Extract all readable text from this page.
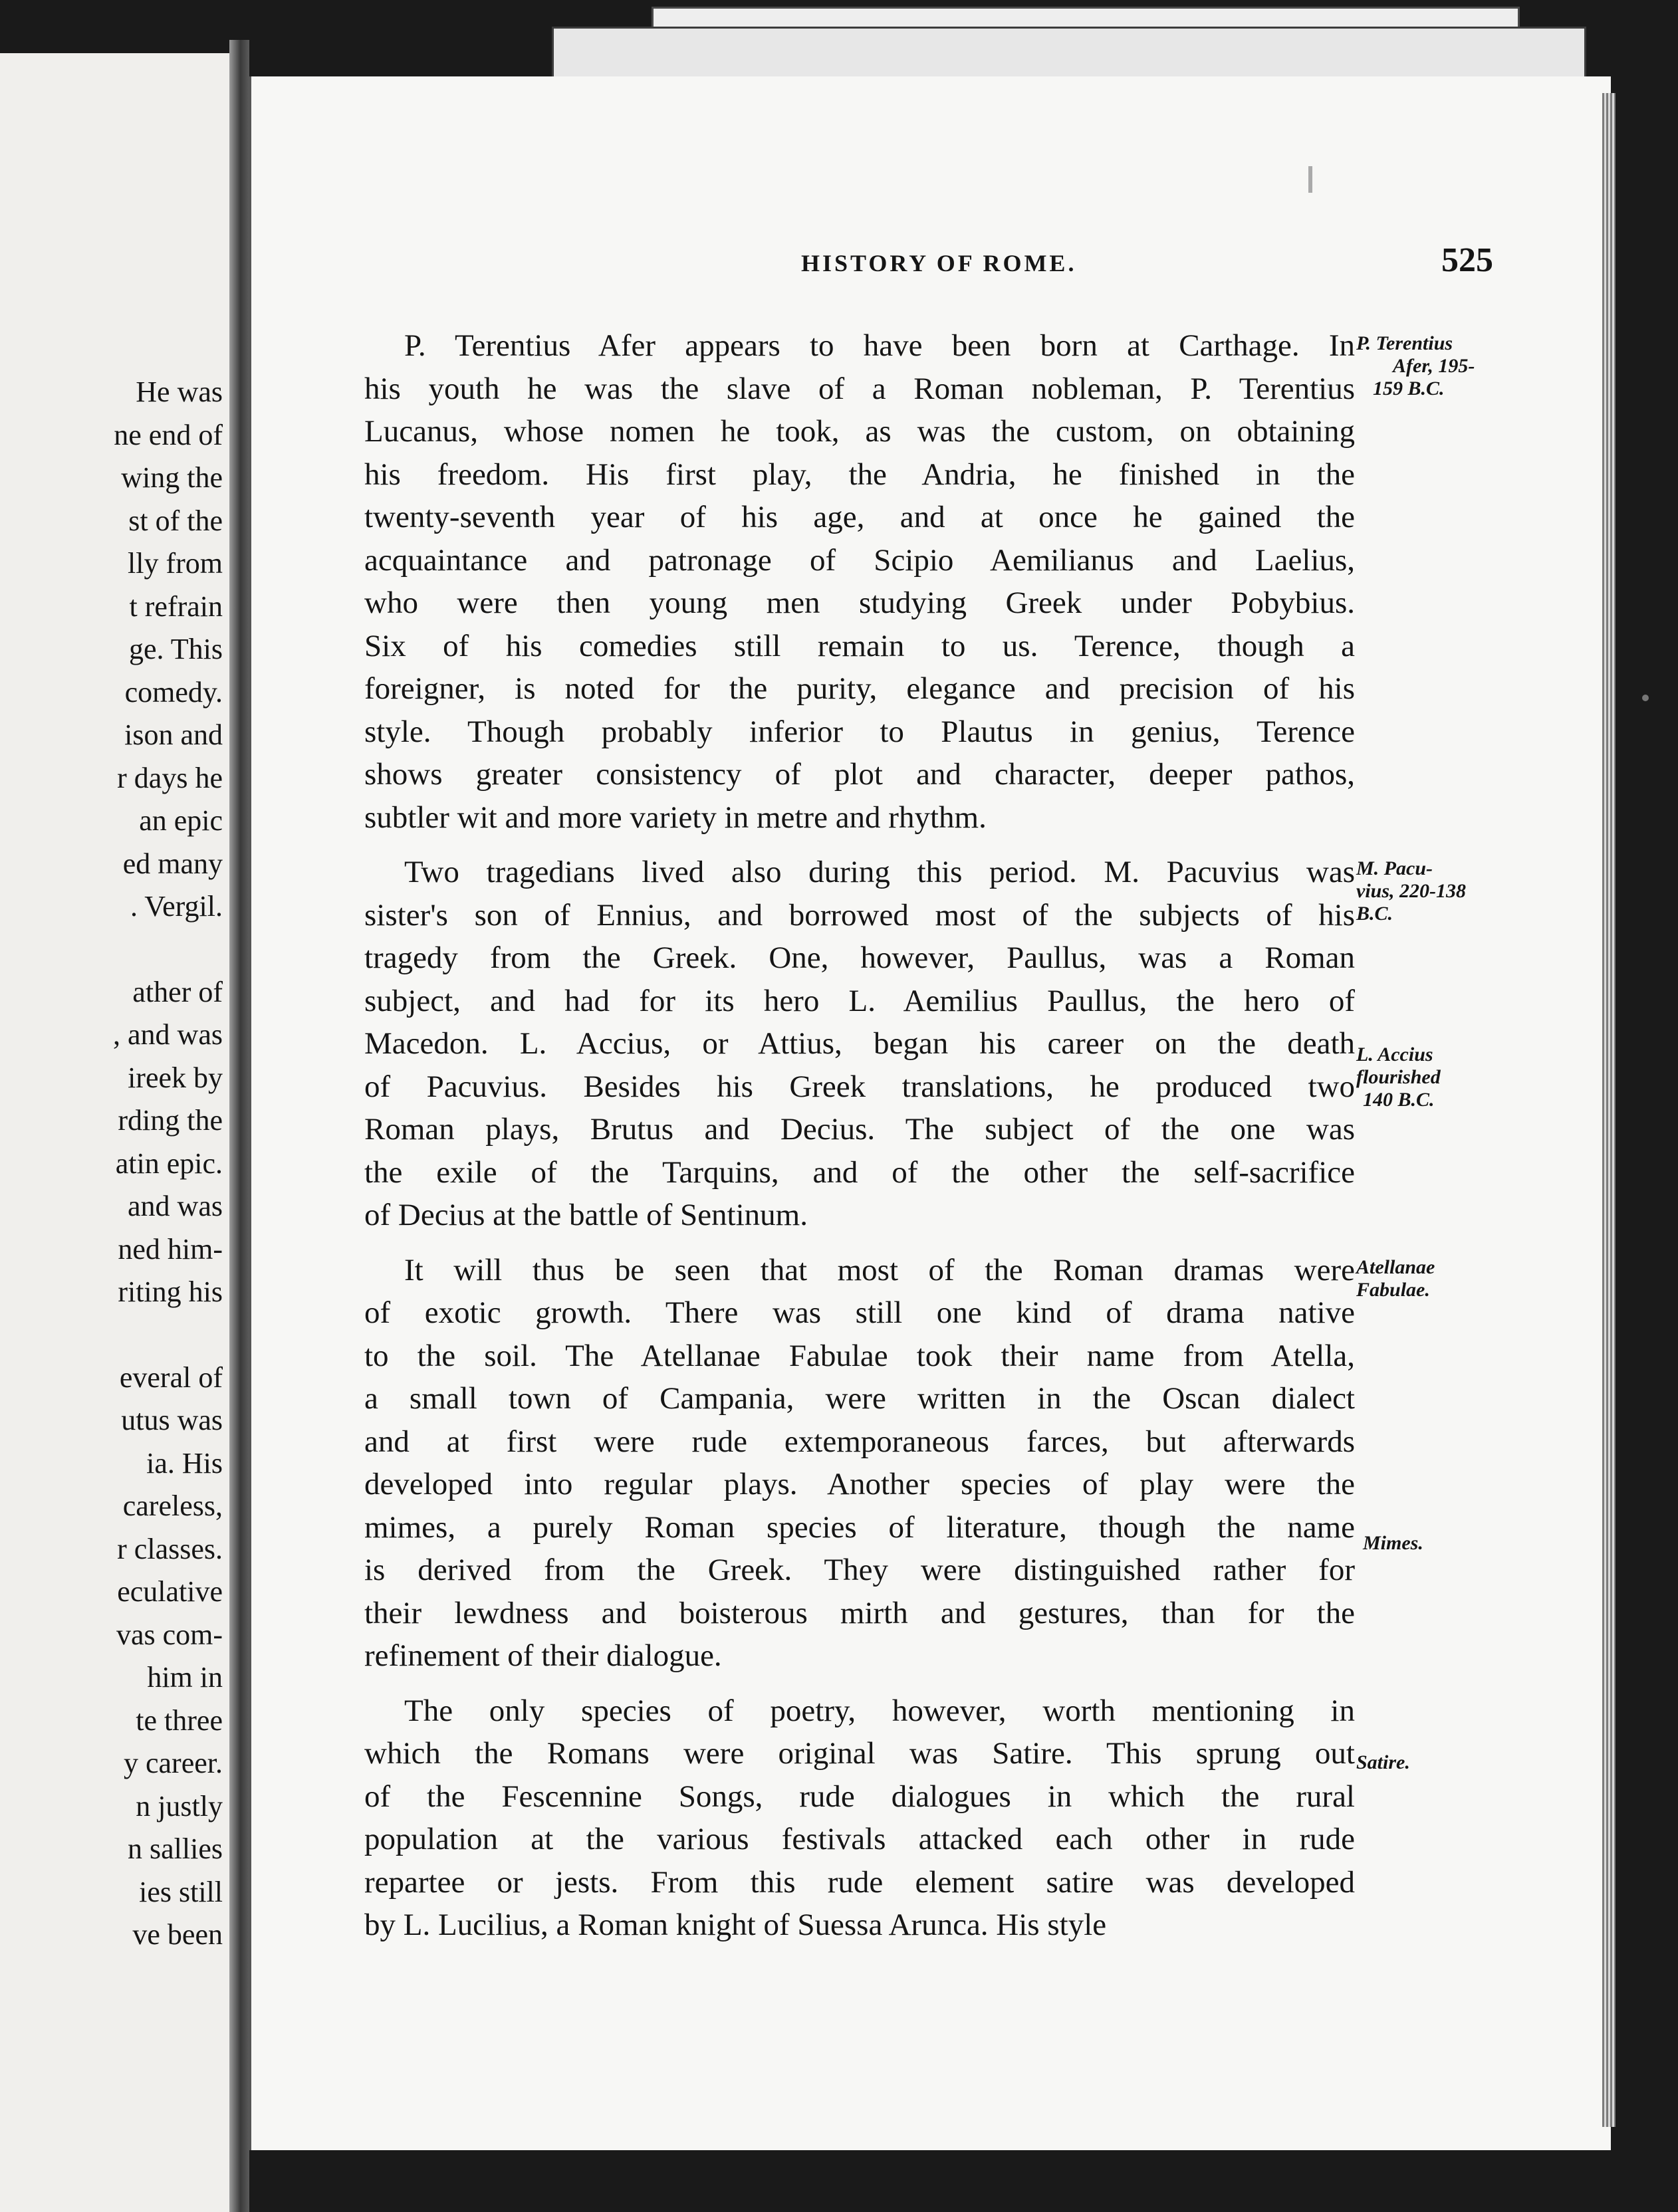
He was
ne end of
wing the
st of the
lly from
t refrain
ge. This
comedy.
ison and
r days he
an epic
ed many
. Vergil.
ather of
, and was
ireek by
rding the
atin epic.
and was
ned him-
riting his
everal of
utus was
ia. His
careless,
r classes.
eculative
vas com-
him in
te three
y career.
n justly
n sallies
ies still
ve been
HISTORY OF ROME.	525
P. Terentius Afer appears to have been born at Carthage. In
his youth he was the slave of a Roman nobleman, P. Terentius
Lucanus, whose nomen he took, as was the custom, on obtaining
his freedom. His first play, the Andria, he finished in the
twenty-seventh year of his age, and at once he gained the
acquaintance and patronage of Scipio Aemilianus and Laelius,
who were then young men studying Greek under Pobybius.
Six of his comedies still remain to us. Terence, though a
foreigner, is noted for the purity, elegance and precision of his
style. Though probably inferior to Plautus in genius, Terence
shows greater consistency of plot and character, deeper pathos,
subtler wit and more variety in metre and rhythm.
Two tragedians lived also during this period. M. Pacuvius was
sister's son of Ennius, and borrowed most of the subjects of his
tragedy from the Greek. One, however, Paullus, was a Roman
subject, and had for its hero L. Aemilius Paullus, the hero of
Macedon. L. Accius, or Attius, began his career on the death
of Pacuvius. Besides his Greek translations, he produced two
Roman plays, Brutus and Decius. The subject of the one was
the exile of the Tarquins, and of the other the self-sacrifice
of Decius at the battle of Sentinum.
It will thus be seen that most of the Roman dramas were
of exotic growth. There was still one kind of drama native
to the soil. The Atellanae Fabulae took their name from Atella,
a small town of Campania, were written in the Oscan dialect
and at first were rude extemporaneous farces, but afterwards
developed into regular plays. Another species of play were the
mimes, a purely Roman species of literature, though the name
is derived from the Greek. They were distinguished rather for
their lewdness and boisterous mirth and gestures, than for the
refinement of their dialogue.
The only species of poetry, however, worth mentioning in
which the Romans were original was Satire. This sprung out
of the Fescennine Songs, rude dialogues in which the rural
population at the various festivals attacked each other in rude
repartee or jests. From this rude element satire was developed
by L. Lucilius, a Roman knight of Suessa Arunca. His style
P. Terentius
Afer, 195-
159 B.C.
M. Pacu-
vius, 220-138
B.C.
L. Accius
flourished
140 B.C.
Atellanae
Fabulae.
Mimes.
Satire.
